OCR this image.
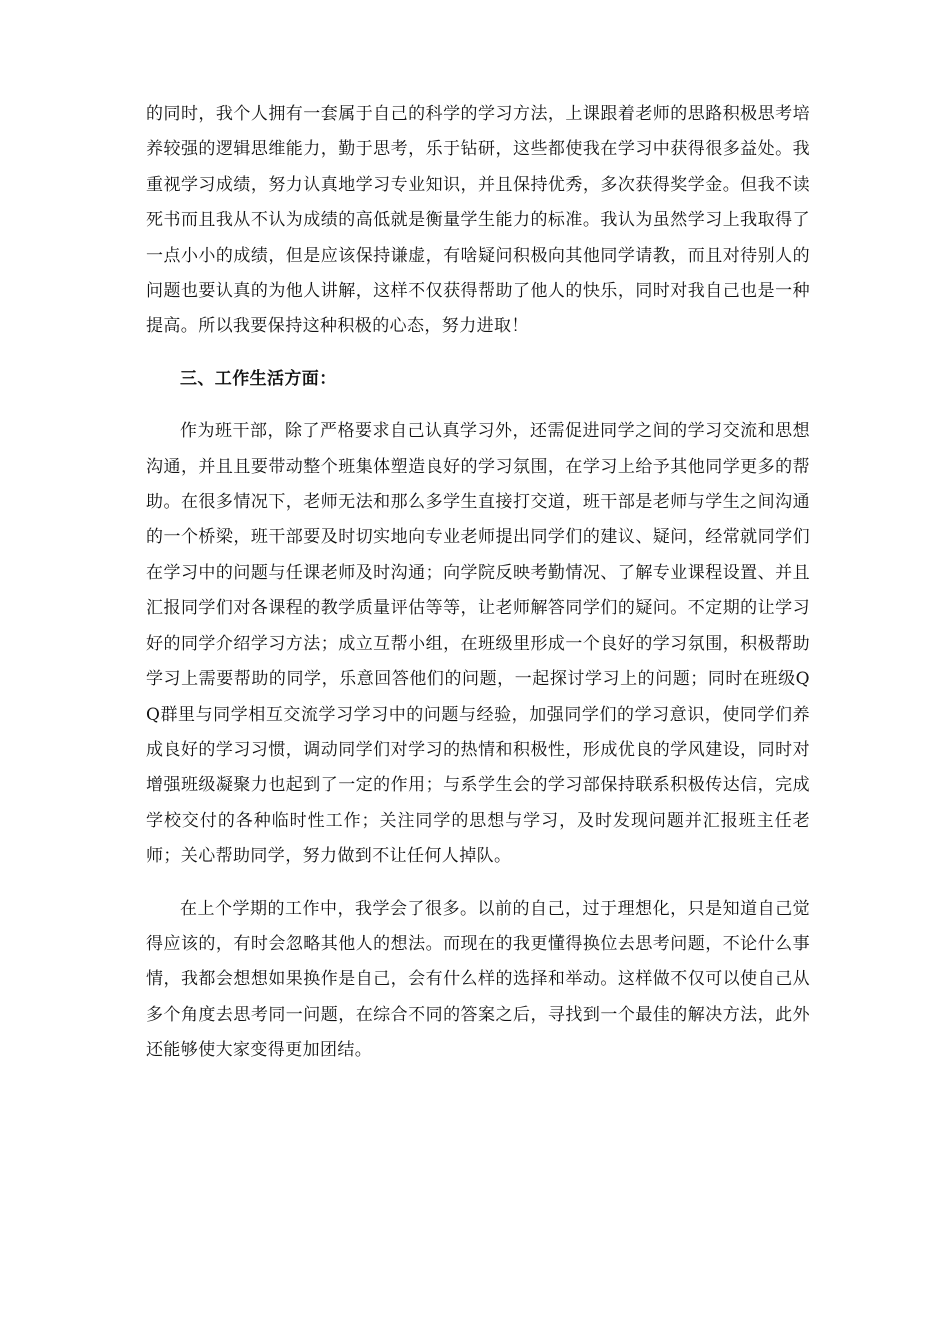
的同时，我个人拥有一套属于自己的科学的学习方法，上课跟着老师的思路积极思考培养较强的逻辑思维能力，勤于思考，乐于钻研，这些都使我在学习中获得很多益处。我重视学习成绩，努力认真地学习专业知识，并且保持优秀，多次获得奖学金。但我不读死书而且我从不认为成绩的高低就是衡量学生能力的标准。我认为虽然学习上我取得了一点小小的成绩，但是应该保持谦虚，有啥疑问积极向其他同学请教，而且对待别人的问题也要认真的为他人讲解，这样不仅获得帮助了他人的快乐，同时对我自己也是一种提高。所以我要保持这种积极的心态，努力进取！

三、工作生活方面：

作为班干部，除了严格要求自己认真学习外，还需促进同学之间的学习交流和思想沟通，并且且要带动整个班集体塑造良好的学习氛围，在学习上给予其他同学更多的帮助。在很多情况下，老师无法和那么多学生直接打交道，班干部是老师与学生之间沟通的一个桥梁，班干部要及时切实地向专业老师提出同学们的建议、疑问，经常就同学们在学习中的问题与任课老师及时沟通；向学院反映考勤情况、了解专业课程设置、并且汇报同学们对各课程的教学质量评估等等，让老师解答同学们的疑问。不定期的让学习好的同学介绍学习方法；成立互帮小组，在班级里形成一个良好的学习氛围，积极帮助学习上需要帮助的同学，乐意回答他们的问题，一起探讨学习上的问题；同时在班级QQ群里与同学相互交流学习学习中的问题与经验，加强同学们的学习意识，使同学们养成良好的学习习惯，调动同学们对学习的热情和积极性，形成优良的学风建设，同时对增强班级凝聚力也起到了一定的作用；与系学生会的学习部保持联系积极传达信，完成学校交付的各种临时性工作；关注同学的思想与学习，及时发现问题并汇报班主任老师；关心帮助同学，努力做到不让任何人掉队。

在上个学期的工作中，我学会了很多。以前的自己，过于理想化，只是知道自己觉得应该的，有时会忽略其他人的想法。而现在的我更懂得换位去思考问题，不论什么事情，我都会想想如果换作是自己，会有什么样的选择和举动。这样做不仅可以使自己从多个角度去思考同一问题，在综合不同的答案之后，寻找到一个最佳的解决方法，此外还能够使大家变得更加团结。
